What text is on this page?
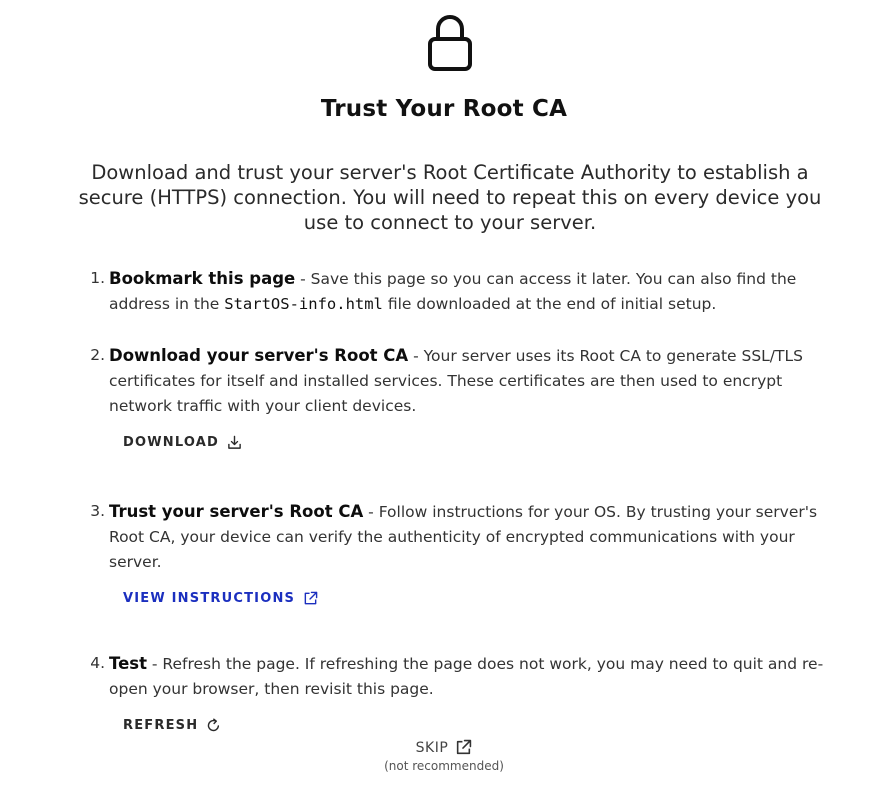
Trust Your Root CA
Download and trust your server's Root Certificate Authority to establish a secure (HTTPS) connection. You will need to repeat this on every device you use to connect to your server.
1. Bookmark this page - Save this page so you can access it later. You can also find the address in the StartOS-info.html file downloaded at the end of initial setup.
2. Download your server's Root CA - Your server uses its Root CA to generate SSL/TLS certificates for itself and installed services. These certificates are then used to encrypt network traffic with your client devices.
DOWNLOAD
3. Trust your server's Root CA - Follow instructions for your OS. By trusting your server's Root CA, your device can verify the authenticity of encrypted communications with your server.
VIEW INSTRUCTIONS
4. Test - Refresh the page. If refreshing the page does not work, you may need to quit and re-open your browser, then revisit this page.
REFRESH
SKIP
(not recommended)
